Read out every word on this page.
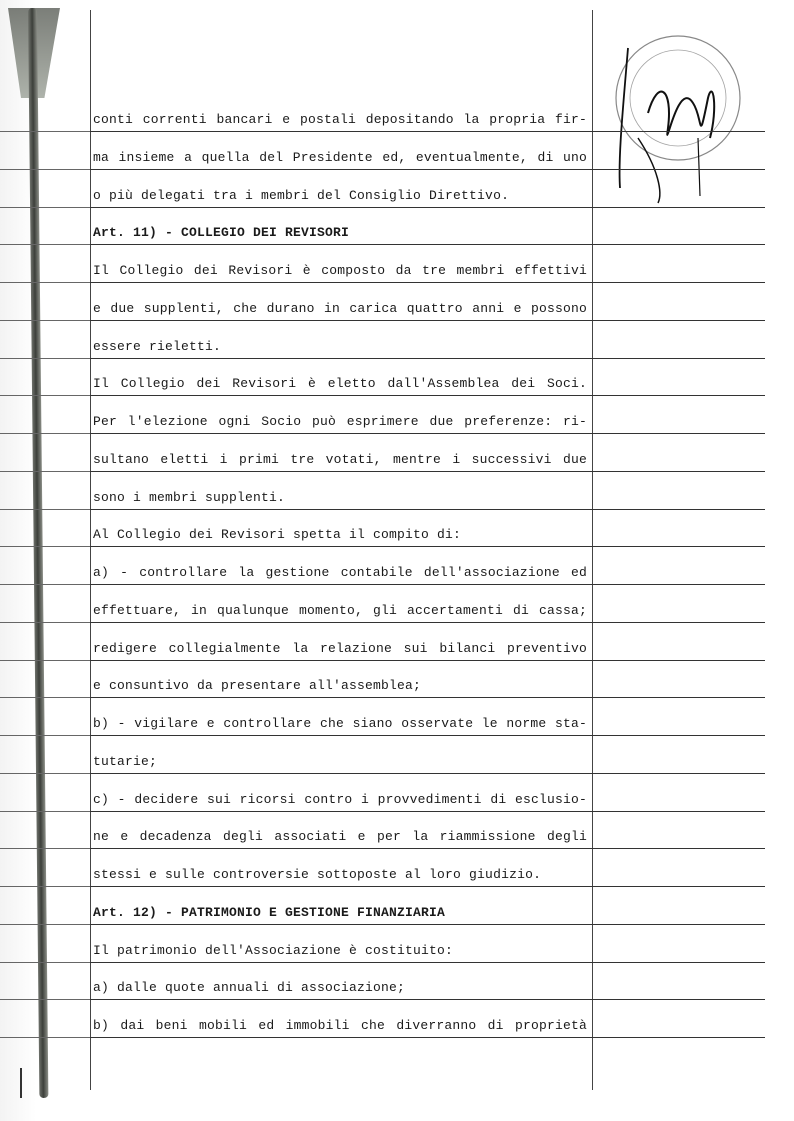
conti correnti bancari e postali depositando la propria fir-
ma insieme a quella del Presidente ed, eventualmente, di uno
o più delegati tra i membri del Consiglio Direttivo.
Art. 11) - COLLEGIO DEI REVISORI
Il Collegio dei Revisori è composto da tre membri effettivi
e due supplenti, che durano in carica quattro anni e possono
essere rieletti.
Il Collegio dei Revisori è eletto dall'Assemblea dei Soci.
Per l'elezione ogni Socio può esprimere due preferenze: ri-
sultano eletti i primi tre votati, mentre i successivi due
sono i membri supplenti.
Al Collegio dei Revisori spetta il compito di:
a) - controllare la gestione contabile dell'associazione ed
effettuare, in qualunque momento, gli accertamenti di cassa;
redigere collegialmente la relazione sui bilanci preventivo
e consuntivo da presentare all'assemblea;
b) - vigilare e controllare che siano osservate le norme sta-
tutarie;
c) - decidere sui ricorsi contro i provvedimenti di esclusio-
ne e decadenza degli associati e per la riammissione degli
stessi e sulle controversie sottoposte al loro giudizio.
Art. 12) - PATRIMONIO E GESTIONE FINANZIARIA
Il patrimonio dell'Associazione è costituito:
a) dalle quote annuali di associazione;
b) dai beni mobili ed immobili che diverranno di proprietà
